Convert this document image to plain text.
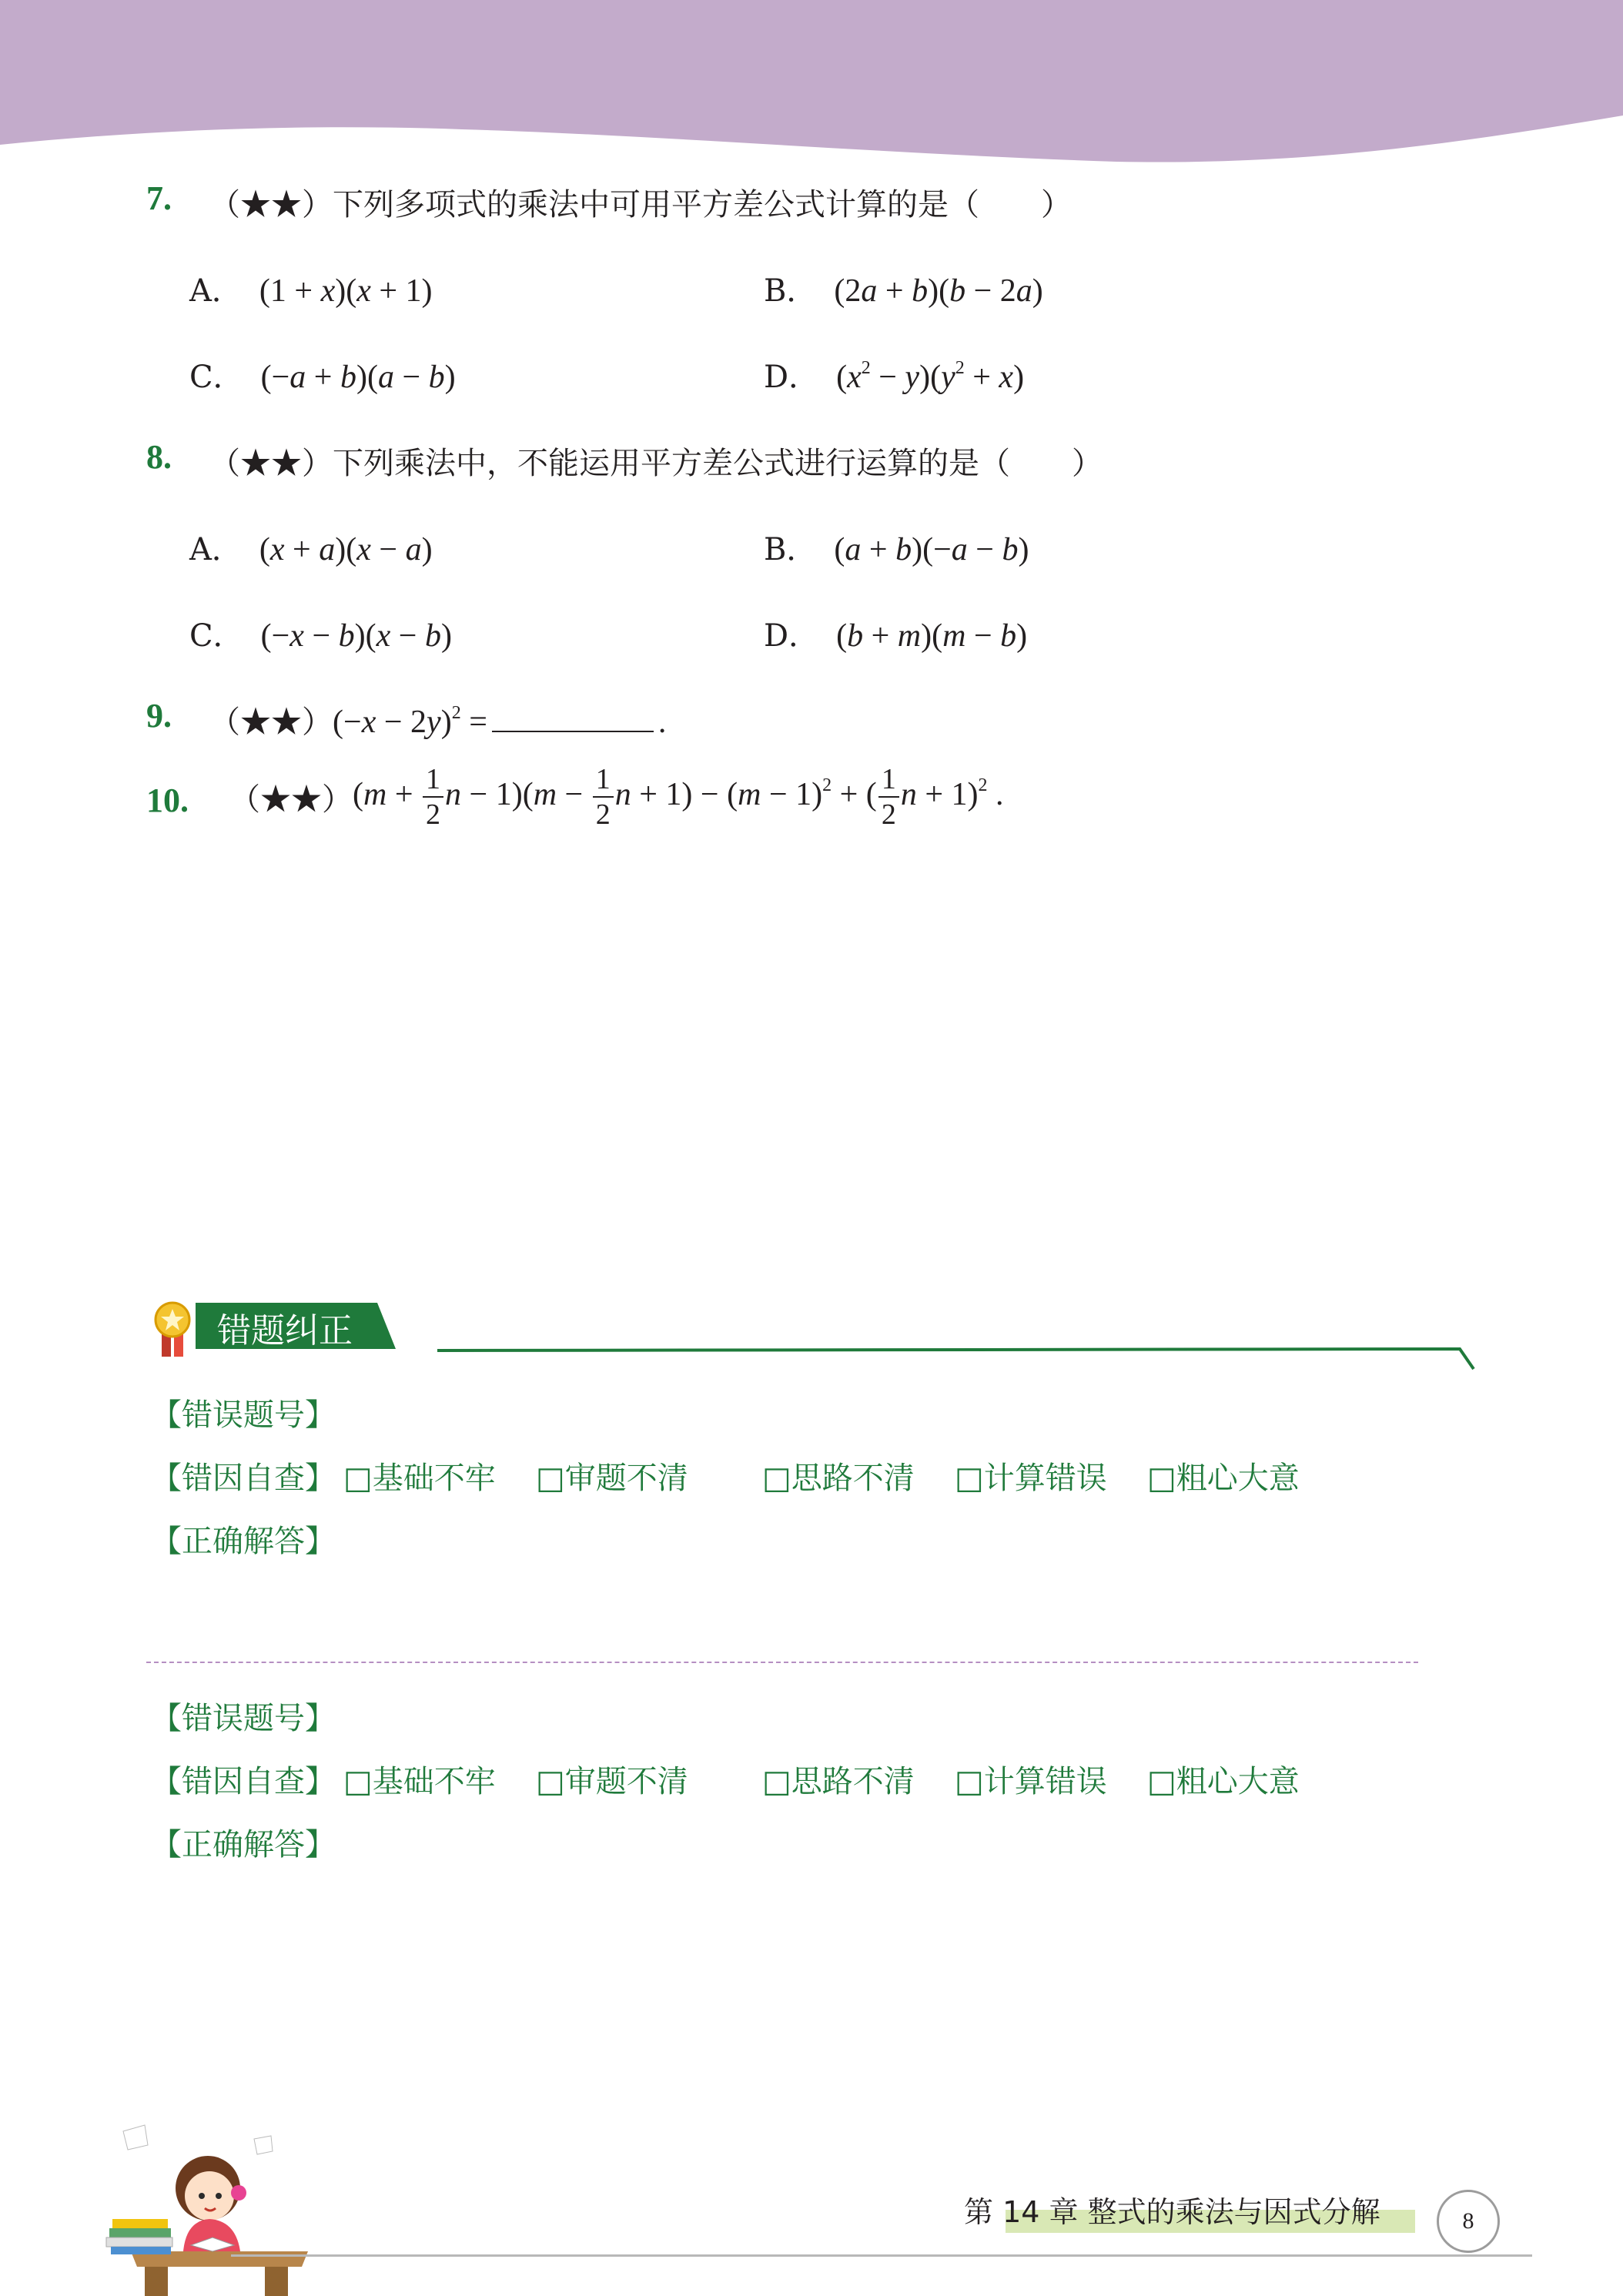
7. （★★）下列多项式的乘法中可用平方差公式计算的是（　　）
A． (1 + x)(x + 1)	B． (2a + b)(b − 2a)
C． (−a + b)(a − b)	D． $(x^2 - y)(y^2 + x)$
8. （★★）下列乘法中，不能运用平方差公式进行运算的是（　　）
A． (x + a)(x − a)	B． (a + b)(−a − b)
C． (−x − b)(x − b)	D． (b + m)(m − b)
9. （★★）(−x − 2y)$^2$ =	.
10. （★★）(m + $\frac{1}{2}$ $n - 1)(m - \frac{1}{2}$ $n + 1) - (m - 1)^2$ + ( $\frac{1}{2}$ n + 1)$^2$ .
错题纠正
【错误题号】
【错因自查】 □基础不牢 □审题不清 □思路不清 □计算错误 □粗心大意
【正确解答】
【错误题号】
【错因自查】 □基础不牢 □审题不清 □思路不清 □计算错误 □粗心大意
【正确解答】
第 14 章 整式的乘法与因式分解	8
